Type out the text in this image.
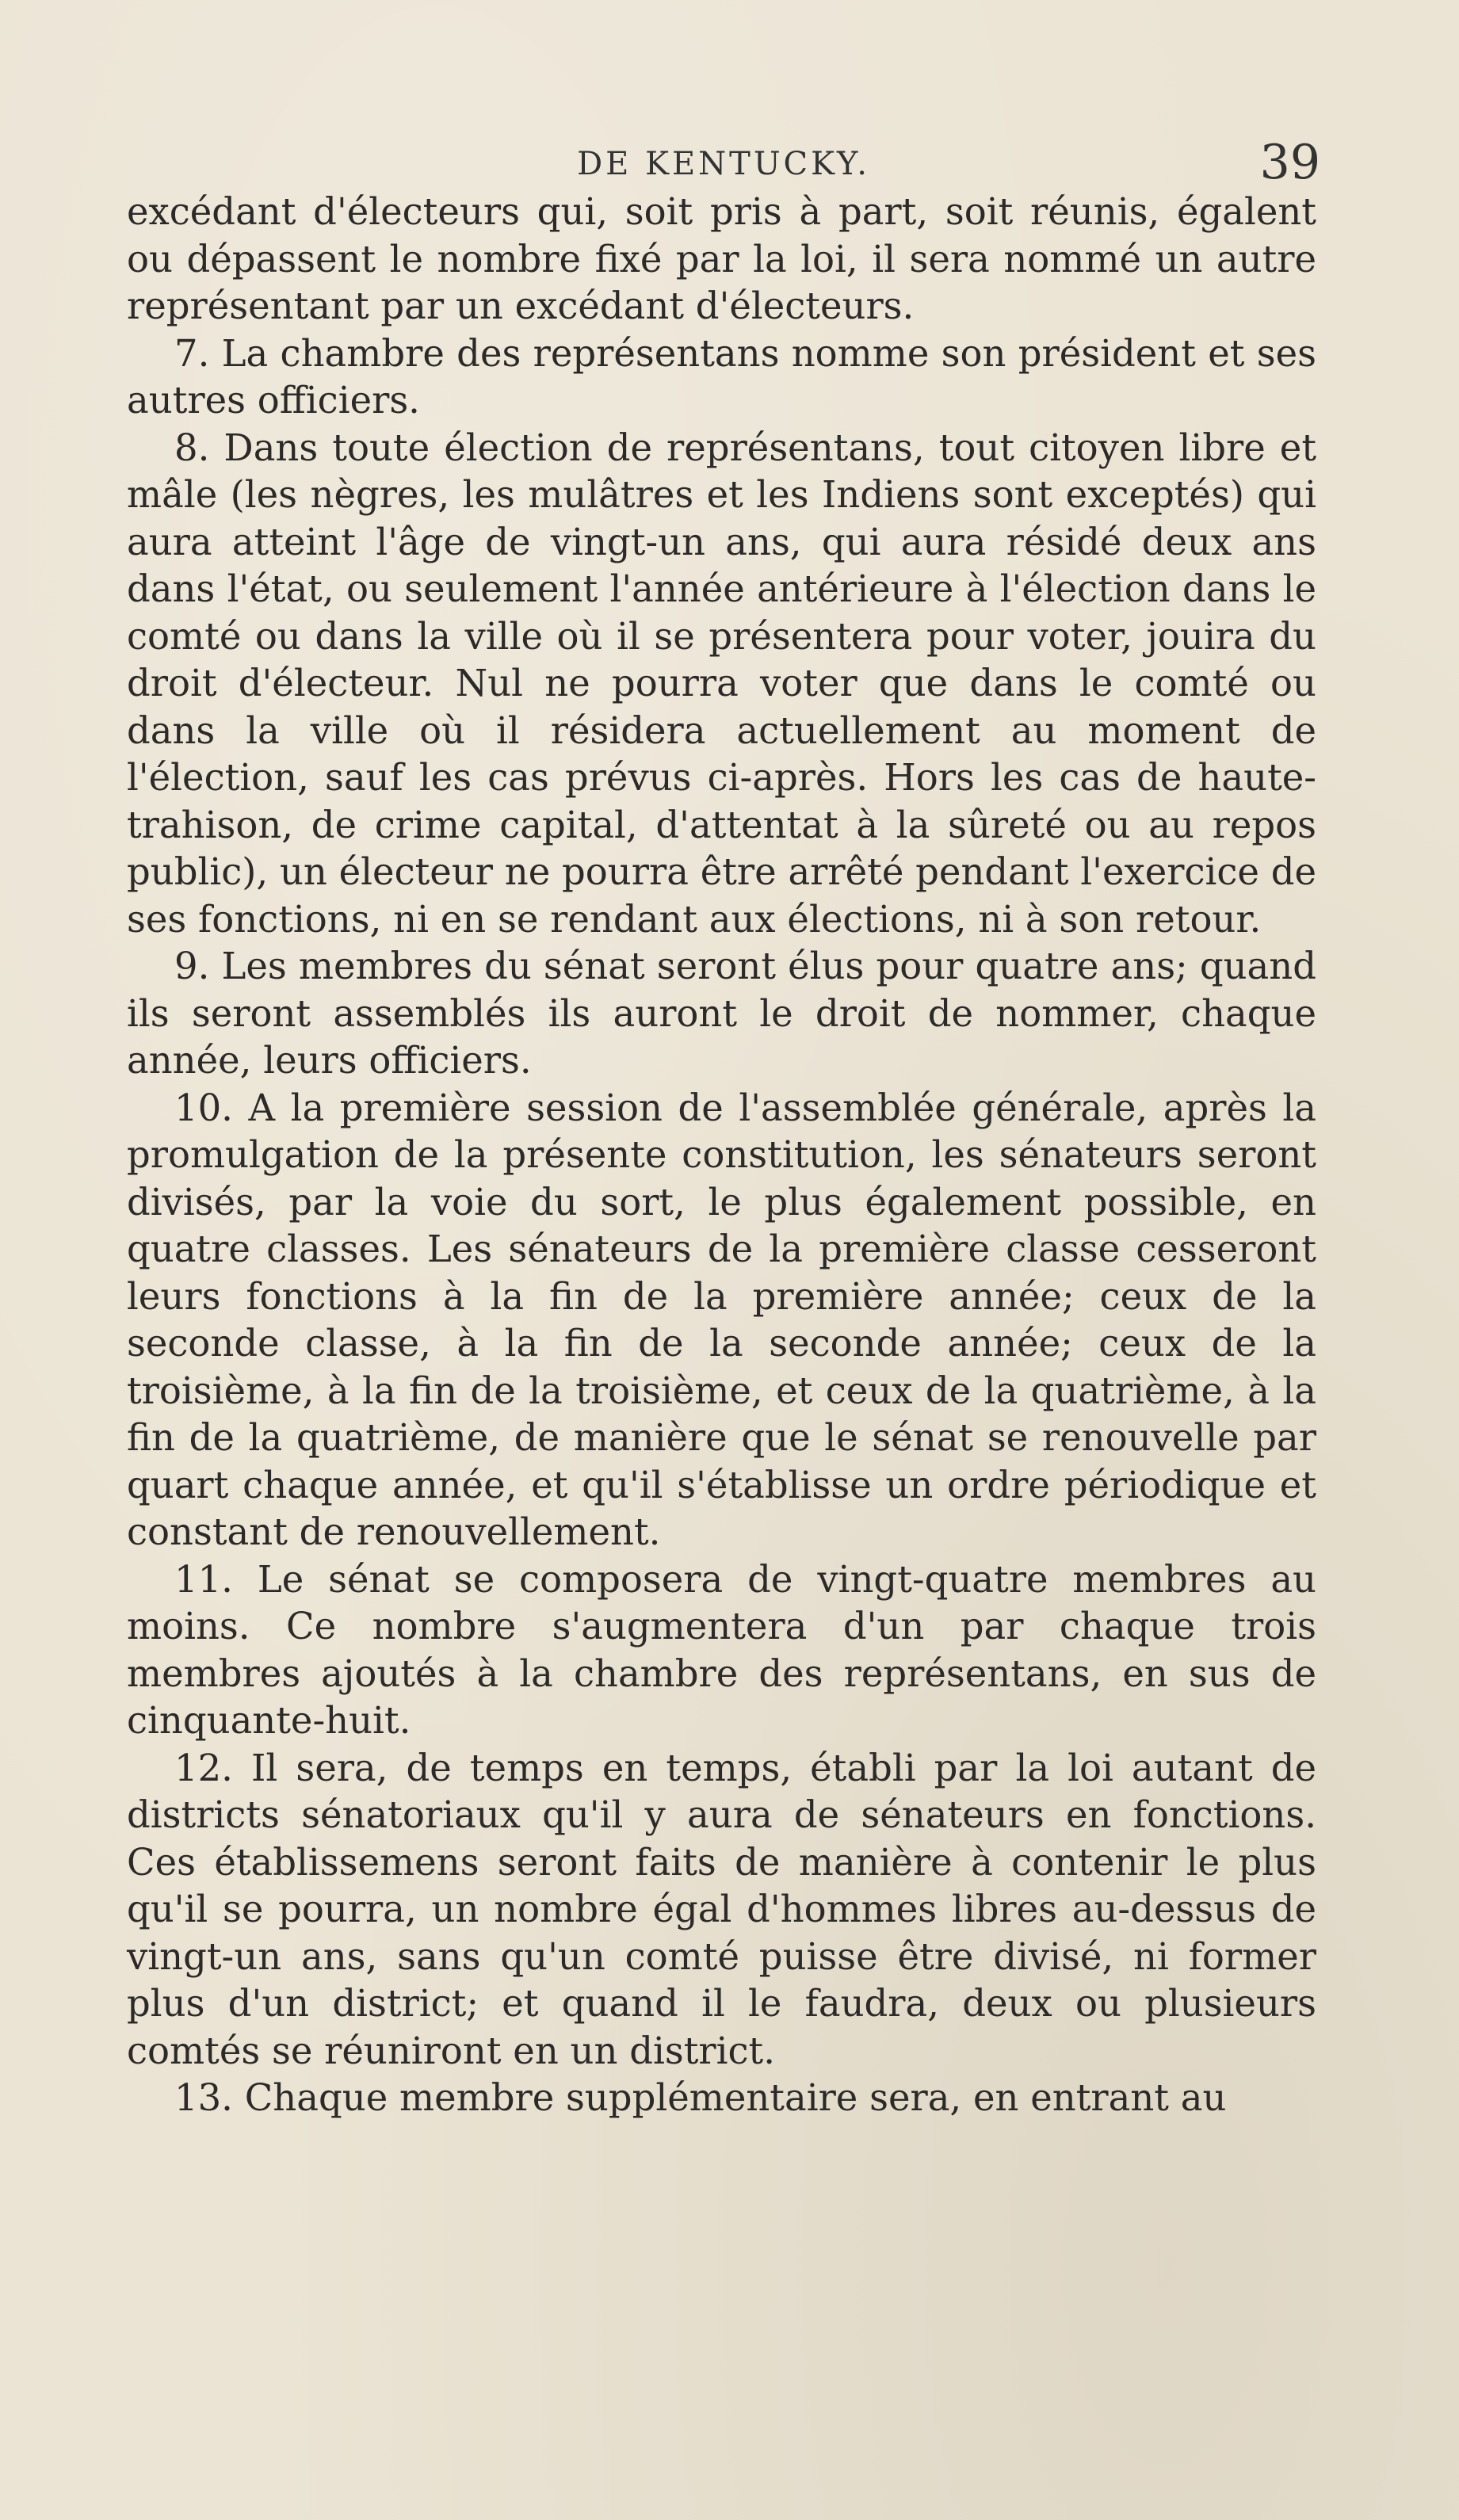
DE KENTUCKY.	39

excédant d'électeurs qui, soit pris à part, soit réunis, égalent ou dépassent le nombre fixé par la loi, il sera nommé un autre représentant par un excédant d'électeurs.

7. La chambre des représentans nomme son président et ses autres officiers.

8. Dans toute élection de représentans, tout citoyen libre et mâle (les nègres, les mulâtres et les Indiens sont exceptés) qui aura atteint l'âge de vingt-un ans, qui aura résidé deux ans dans l'état, ou seulement l'année antérieure à l'élection dans le comté ou dans la ville où il se présentera pour voter, jouira du droit d'électeur. Nul ne pourra voter que dans le comté ou dans la ville où il résidera actuellement au moment de l'élection, sauf les cas prévus ci-après. Hors les cas de haute-trahison, de crime capital, d'attentat à la sûreté ou au repos public), un électeur ne pourra être arrêté pendant l'exercice de ses fonctions, ni en se rendant aux élections, ni à son retour.

9. Les membres du sénat seront élus pour quatre ans; quand ils seront assemblés ils auront le droit de nommer, chaque année, leurs officiers.

10. A la première session de l'assemblée générale, après la promulgation de la présente constitution, les sénateurs seront divisés, par la voie du sort, le plus également possible, en quatre classes. Les sénateurs de la première classe cesseront leurs fonctions à la fin de la première année; ceux de la seconde classe, à la fin de la seconde année; ceux de la troisième, à la fin de la troisième, et ceux de la quatrième, à la fin de la quatrième, de manière que le sénat se renouvelle par quart chaque année, et qu'il s'établisse un ordre périodique et constant de renouvellement.

11. Le sénat se composera de vingt-quatre membres au moins. Ce nombre s'augmentera d'un par chaque trois membres ajoutés à la chambre des représentans, en sus de cinquante-huit.

12. Il sera, de temps en temps, établi par la loi autant de districts sénatoriaux qu'il y aura de sénateurs en fonctions. Ces établissemens seront faits de manière à contenir le plus qu'il se pourra, un nombre égal d'hommes libres au-dessus de vingt-un ans, sans qu'un comté puisse être divisé, ni former plus d'un district; et quand il le faudra, deux ou plusieurs comtés se réuniront en un district.

13. Chaque membre supplémentaire sera, en entrant au
